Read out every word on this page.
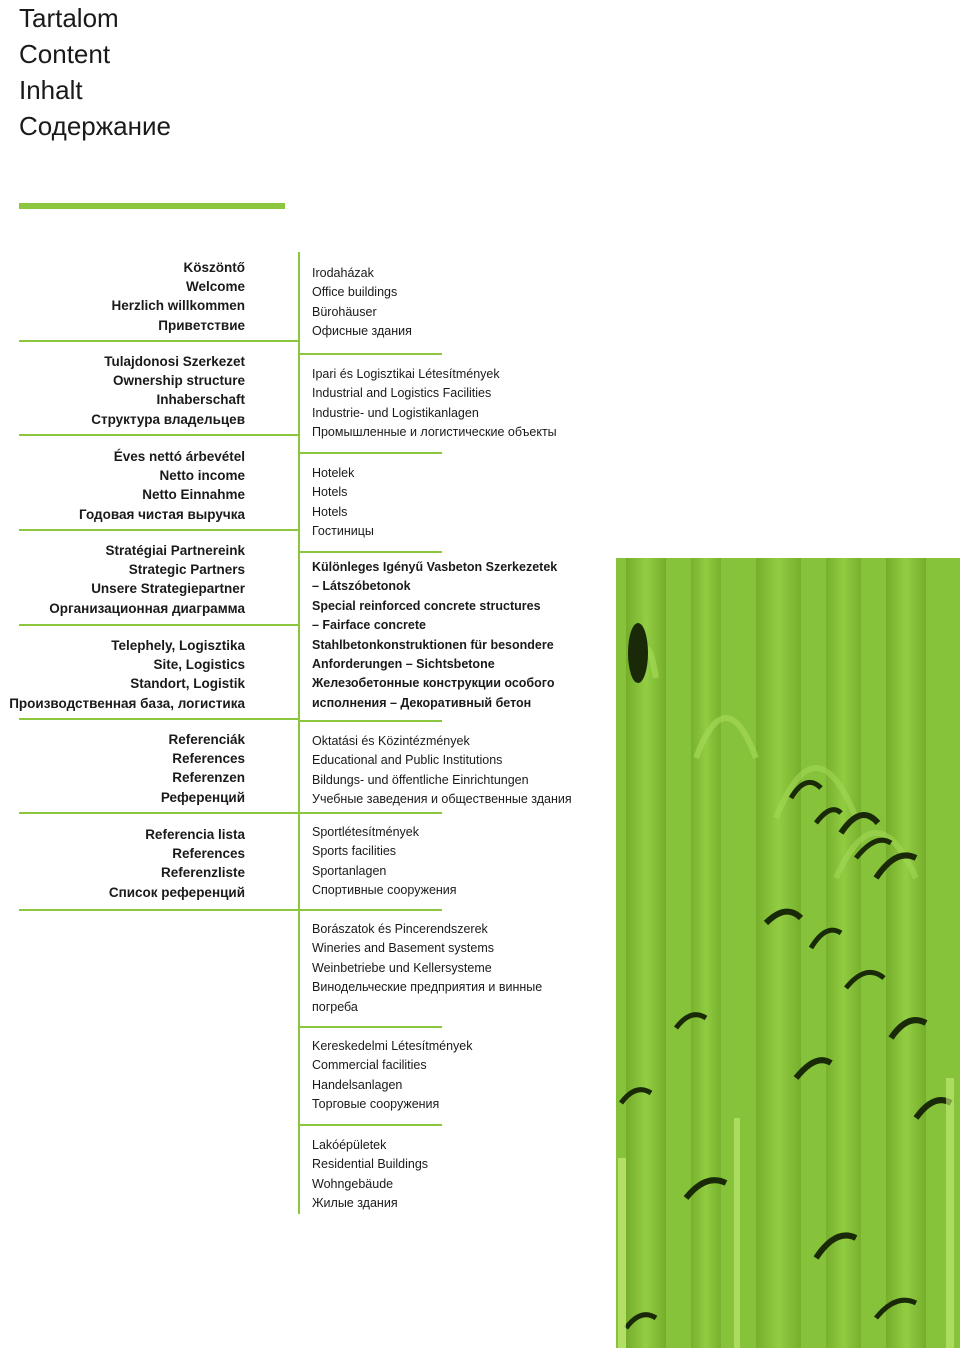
Tartalom
Content
Inhalt
Содержание
Köszöntő
Welcome
Herzlich willkommen
Привeтствие
Tulajdonosi Szerkezet
Ownership structure
Inhaberschaft
Структура владельцев
Éves nettó árbevétel
Netto income
Netto Einnahme
Годовая чистая выручка
Stratégiai Partnereink
Strategic Partners
Unsere Strategiepartner
Организационная диаграмма
Telephely, Logisztika
Site, Logistics
Standort, Logistik
Производственная база, логистика
Referenciák
References
Referenzen
Референций
Referencia lista
References
Referenzliste
Список референций
Irodaházak
Office buildings
Bürohäuser
Офисные здания
Ipari és Logisztikai Létesítmények
Industrial and Logistics Facilities
Industrie- und Logistikanlagen
Промышленные и логистические объекты
Hotelek
Hotels
Hotels
Гостиницы
Különleges Igényű Vasbeton Szerkezetek
– Látszóbetonok
Special reinforced concrete structures
– Fairface concrete
Stahlbetonkonstruktionen für besondere
Anforderungen – Sichtsbetone
Железобетонные конструкции особого
исполнения – Декоративный бетон
Oktatási és Közintézmények
Educational and Public Institutions
Bildungs- und öffentliche Einrichtungen
Учебные заведения и общественные здания
Sportlétesítmények
Sports facilities
Sportanlagen
Спортивные сооружения
Borászatok és Pincerendszerek
Wineries and Basement systems
Weinbetriebe und Kellersysteme
Винодельческие предприятия и винные
погреба
Kereskedelmi Létesítmények
Commercial facilities
Handelsanlagen
Торговые сооружения
Lakóépületek
Residential Buildings
Wohngebäude
Жилые здания
